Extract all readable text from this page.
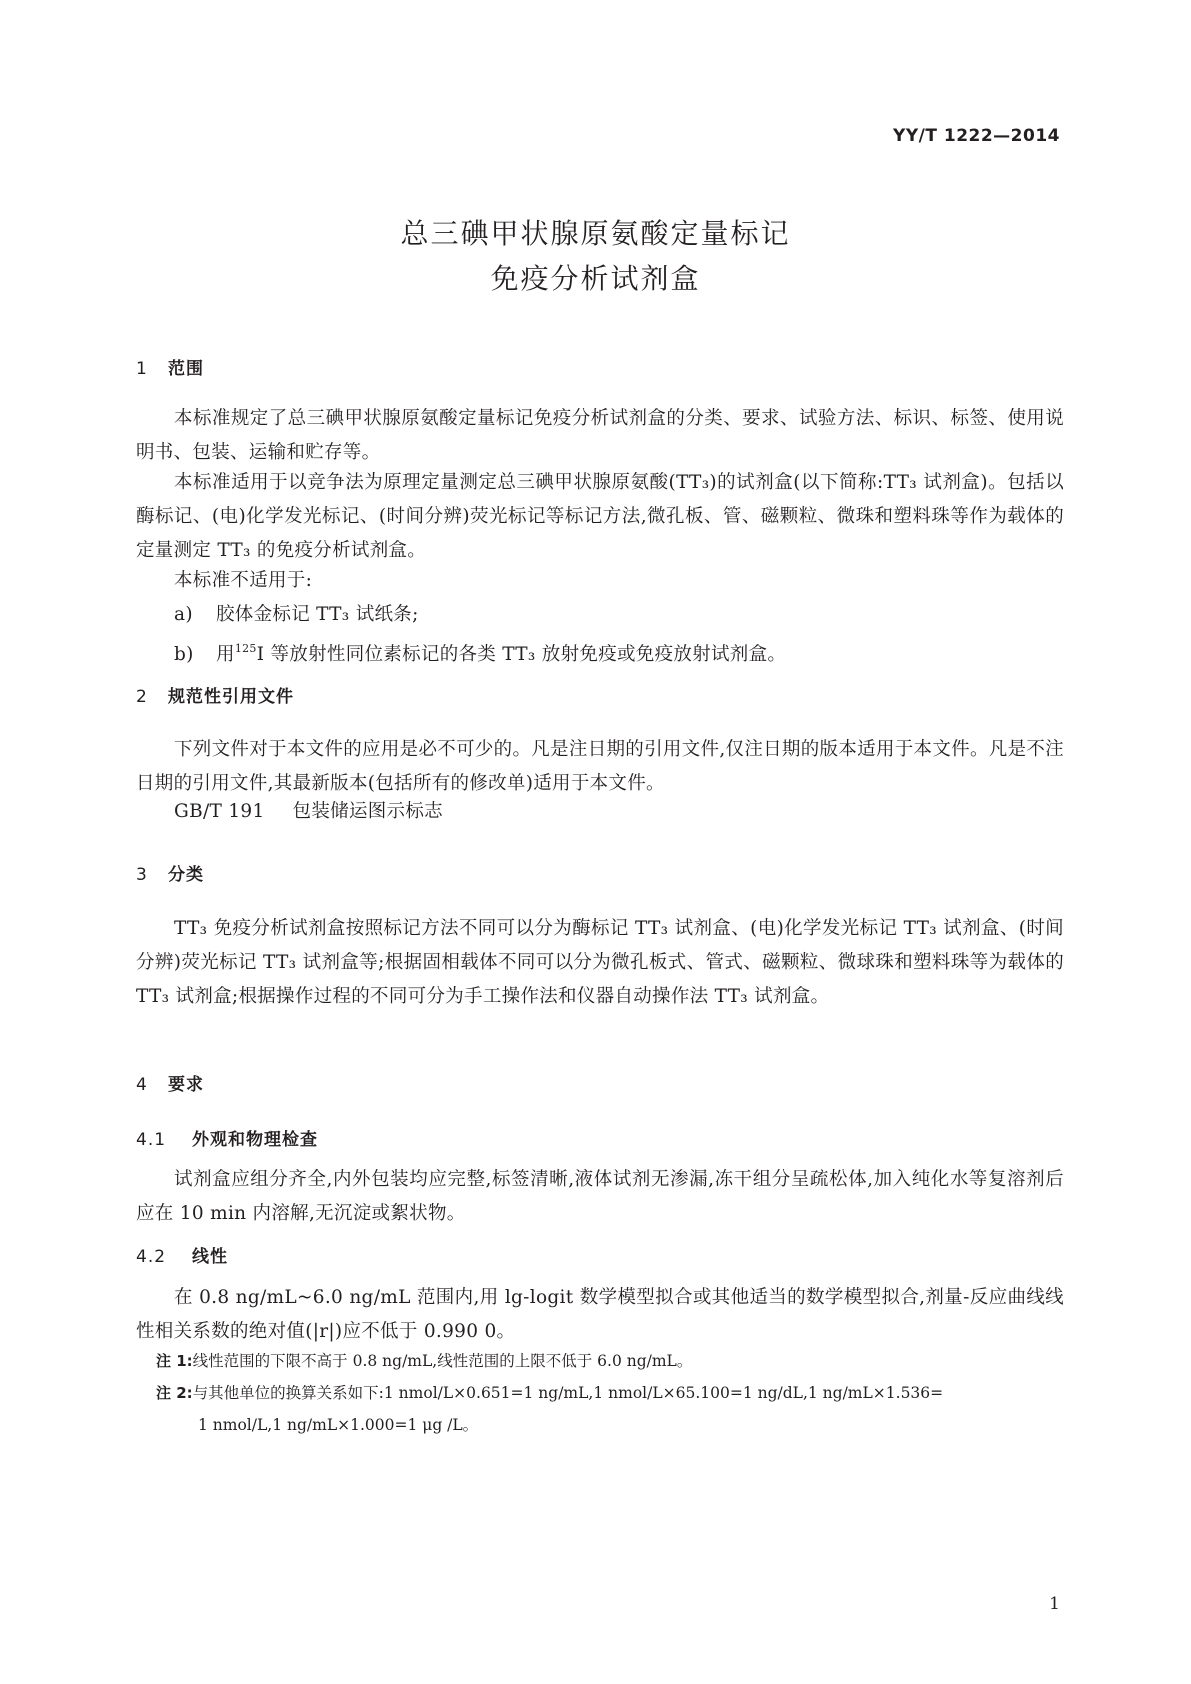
YY/T 1222—2014
总三碘甲状腺原氨酸定量标记
免疫分析试剂盒
1 范围
本标准规定了总三碘甲状腺原氨酸定量标记免疫分析试剂盒的分类、要求、试验方法、标识、标签、使用说明书、包装、运输和贮存等。
本标准适用于以竞争法为原理定量测定总三碘甲状腺原氨酸(TT₃)的试剂盒(以下简称:TT₃ 试剂盒)。包括以酶标记、(电)化学发光标记、(时间分辨)荧光标记等标记方法,微孔板、管、磁颗粒、微珠和塑料珠等作为载体的定量测定 TT₃ 的免疫分析试剂盒。
本标准不适用于:
a) 胶体金标记 TT₃ 试纸条;
b) 用$^{125}$I 等放射性同位素标记的各类 TT₃ 放射免疫或免疫放射试剂盒。
2 规范性引用文件
下列文件对于本文件的应用是必不可少的。凡是注日期的引用文件,仅注日期的版本适用于本文件。凡是不注日期的引用文件,其最新版本(包括所有的修改单)适用于本文件。
GB/T 191 包装储运图示标志
3 分类
TT₃ 免疫分析试剂盒按照标记方法不同可以分为酶标记 TT₃ 试剂盒、(电)化学发光标记 TT₃ 试剂盒、(时间分辨)荧光标记 TT₃ 试剂盒等;根据固相载体不同可以分为微孔板式、管式、磁颗粒、微球珠和塑料珠等为载体的 TT₃ 试剂盒;根据操作过程的不同可分为手工操作法和仪器自动操作法 TT₃ 试剂盒。
4 要求
4.1 外观和物理检查
试剂盒应组分齐全,内外包装均应完整,标签清晰,液体试剂无渗漏,冻干组分呈疏松体,加入纯化水等复溶剂后应在 10 min 内溶解,无沉淀或絮状物。
4.2 线性
在 0.8 ng/mL~6.0 ng/mL 范围内,用 lg-logit 数学模型拟合或其他适当的数学模型拟合,剂量-反应曲线线性相关系数的绝对值(|r|)应不低于 0.990 0。
注 1:线性范围的下限不高于 0.8 ng/mL,线性范围的上限不低于 6.0 ng/mL。
注 2:与其他单位的换算关系如下:1 nmol/L×0.651=1 ng/mL,1 nmol/L×65.100=1 ng/dL,1 ng/mL×1.536=
1 nmol/L,1 ng/mL×1.000=1 μg /L。
1
